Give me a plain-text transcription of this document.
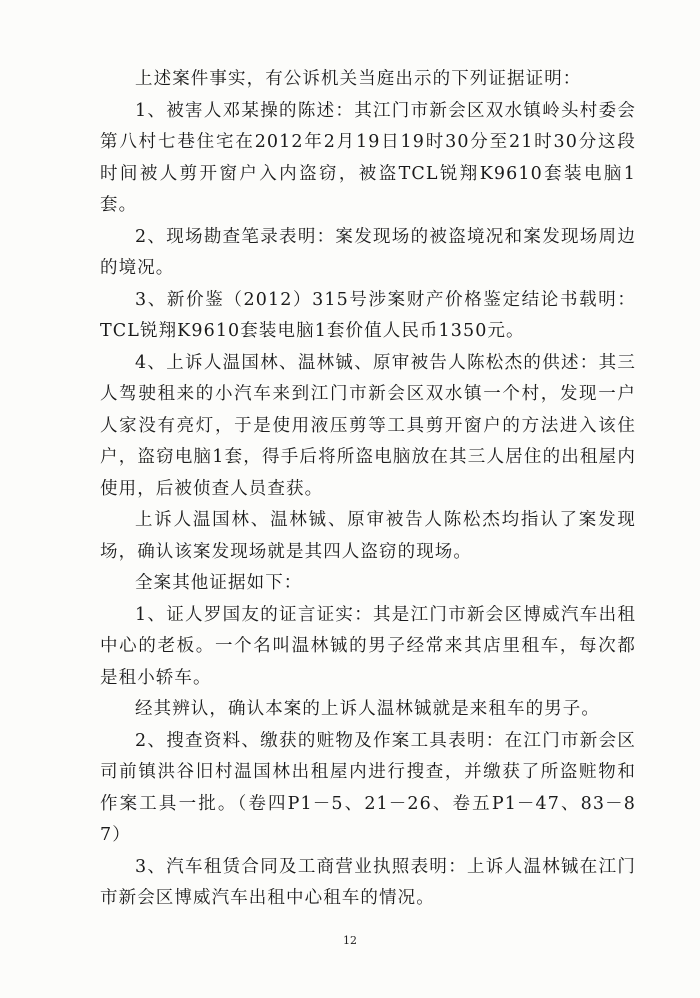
上述案件事实，有公诉机关当庭出示的下列证据证明：

1、被害人邓某操的陈述：其江门市新会区双水镇岭头村委会第八村七巷住宅在2012年2月19日19时30分至21时30分这段时间被人剪开窗户入内盗窃，被盗TCL锐翔K9610套装电脑1套。

2、现场勘查笔录表明：案发现场的被盗境况和案发现场周边的境况。

3、新价鉴（2012）315号涉案财产价格鉴定结论书载明：TCL锐翔K9610套装电脑1套价值人民币1350元。

4、上诉人温国林、温林铖、原审被告人陈松杰的供述：其三人驾驶租来的小汽车来到江门市新会区双水镇一个村，发现一户人家没有亮灯，于是使用液压剪等工具剪开窗户的方法进入该住户，盗窃电脑1套，得手后将所盗电脑放在其三人居住的出租屋内使用，后被侦查人员查获。

上诉人温国林、温林铖、原审被告人陈松杰均指认了案发现场，确认该案发现场就是其四人盗窃的现场。

全案其他证据如下：

1、证人罗国友的证言证实：其是江门市新会区博威汽车出租中心的老板。一个名叫温林铖的男子经常来其店里租车，每次都是租小轿车。

经其辨认，确认本案的上诉人温林铖就是来租车的男子。

2、搜查资料、缴获的赃物及作案工具表明：在江门市新会区司前镇洪谷旧村温国林出租屋内进行搜查，并缴获了所盗赃物和作案工具一批。（卷四P1－5、21－26、卷五P1－47、83－87）

3、汽车租赁合同及工商营业执照表明：上诉人温林铖在江门市新会区博威汽车出租中心租车的情况。

12
